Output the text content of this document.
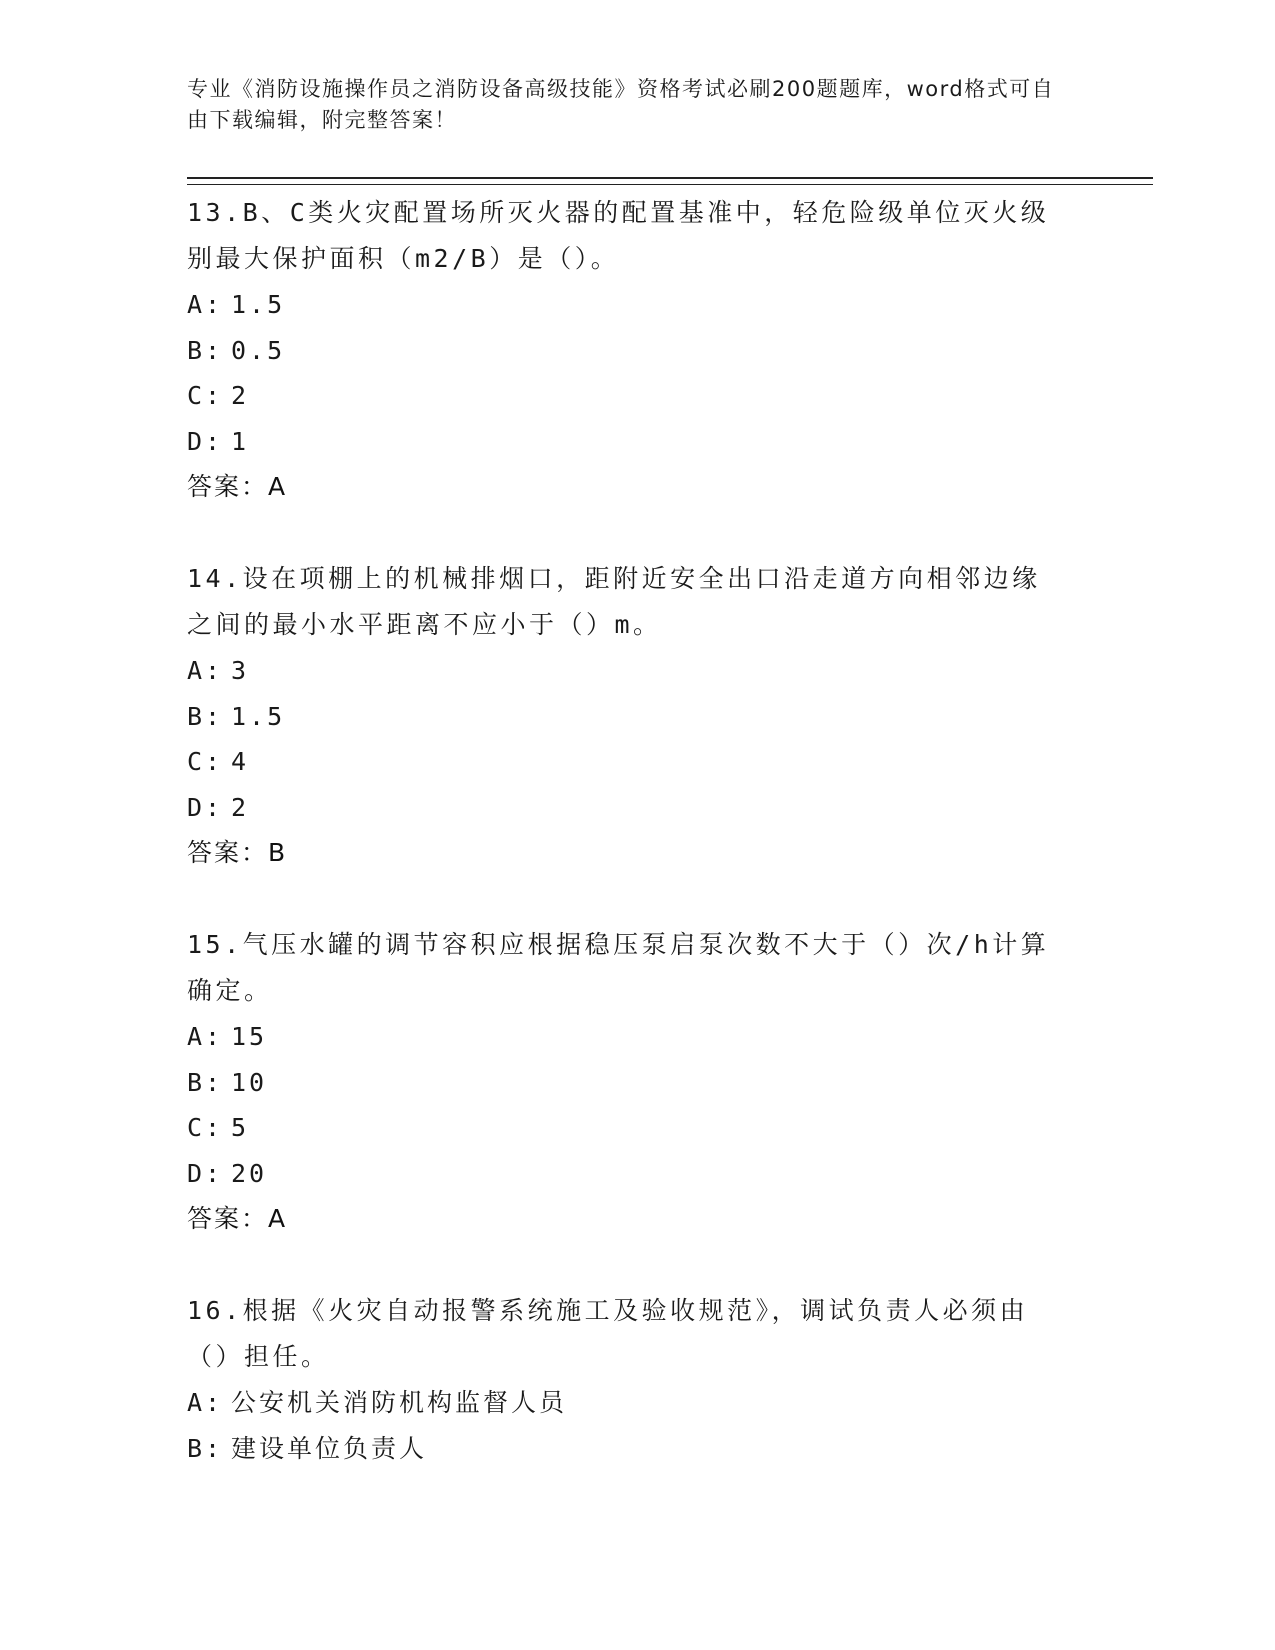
专业《消防设施操作员之消防设备高级技能》资格考试必刷200题题库，word格式可自由下载编辑，附完整答案！
13.B、C类火灾配置场所灭火器的配置基准中，轻危险级单位灭火级别最大保护面积（m2/B）是（）。
A: 1.5
B: 0.5
C: 2
D: 1
答案：A
14.设在项棚上的机械排烟口，距附近安全出口沿走道方向相邻边缘之间的最小水平距离不应小于（）m。
A: 3
B: 1.5
C: 4
D: 2
答案：B
15.气压水罐的调节容积应根据稳压泵启泵次数不大于（）次/h计算确定。
A: 15
B: 10
C: 5
D: 20
答案：A
16.根据《火灾自动报警系统施工及验收规范》，调试负责人必须由（）担任。
A: 公安机关消防机构监督人员
B: 建设单位负责人
